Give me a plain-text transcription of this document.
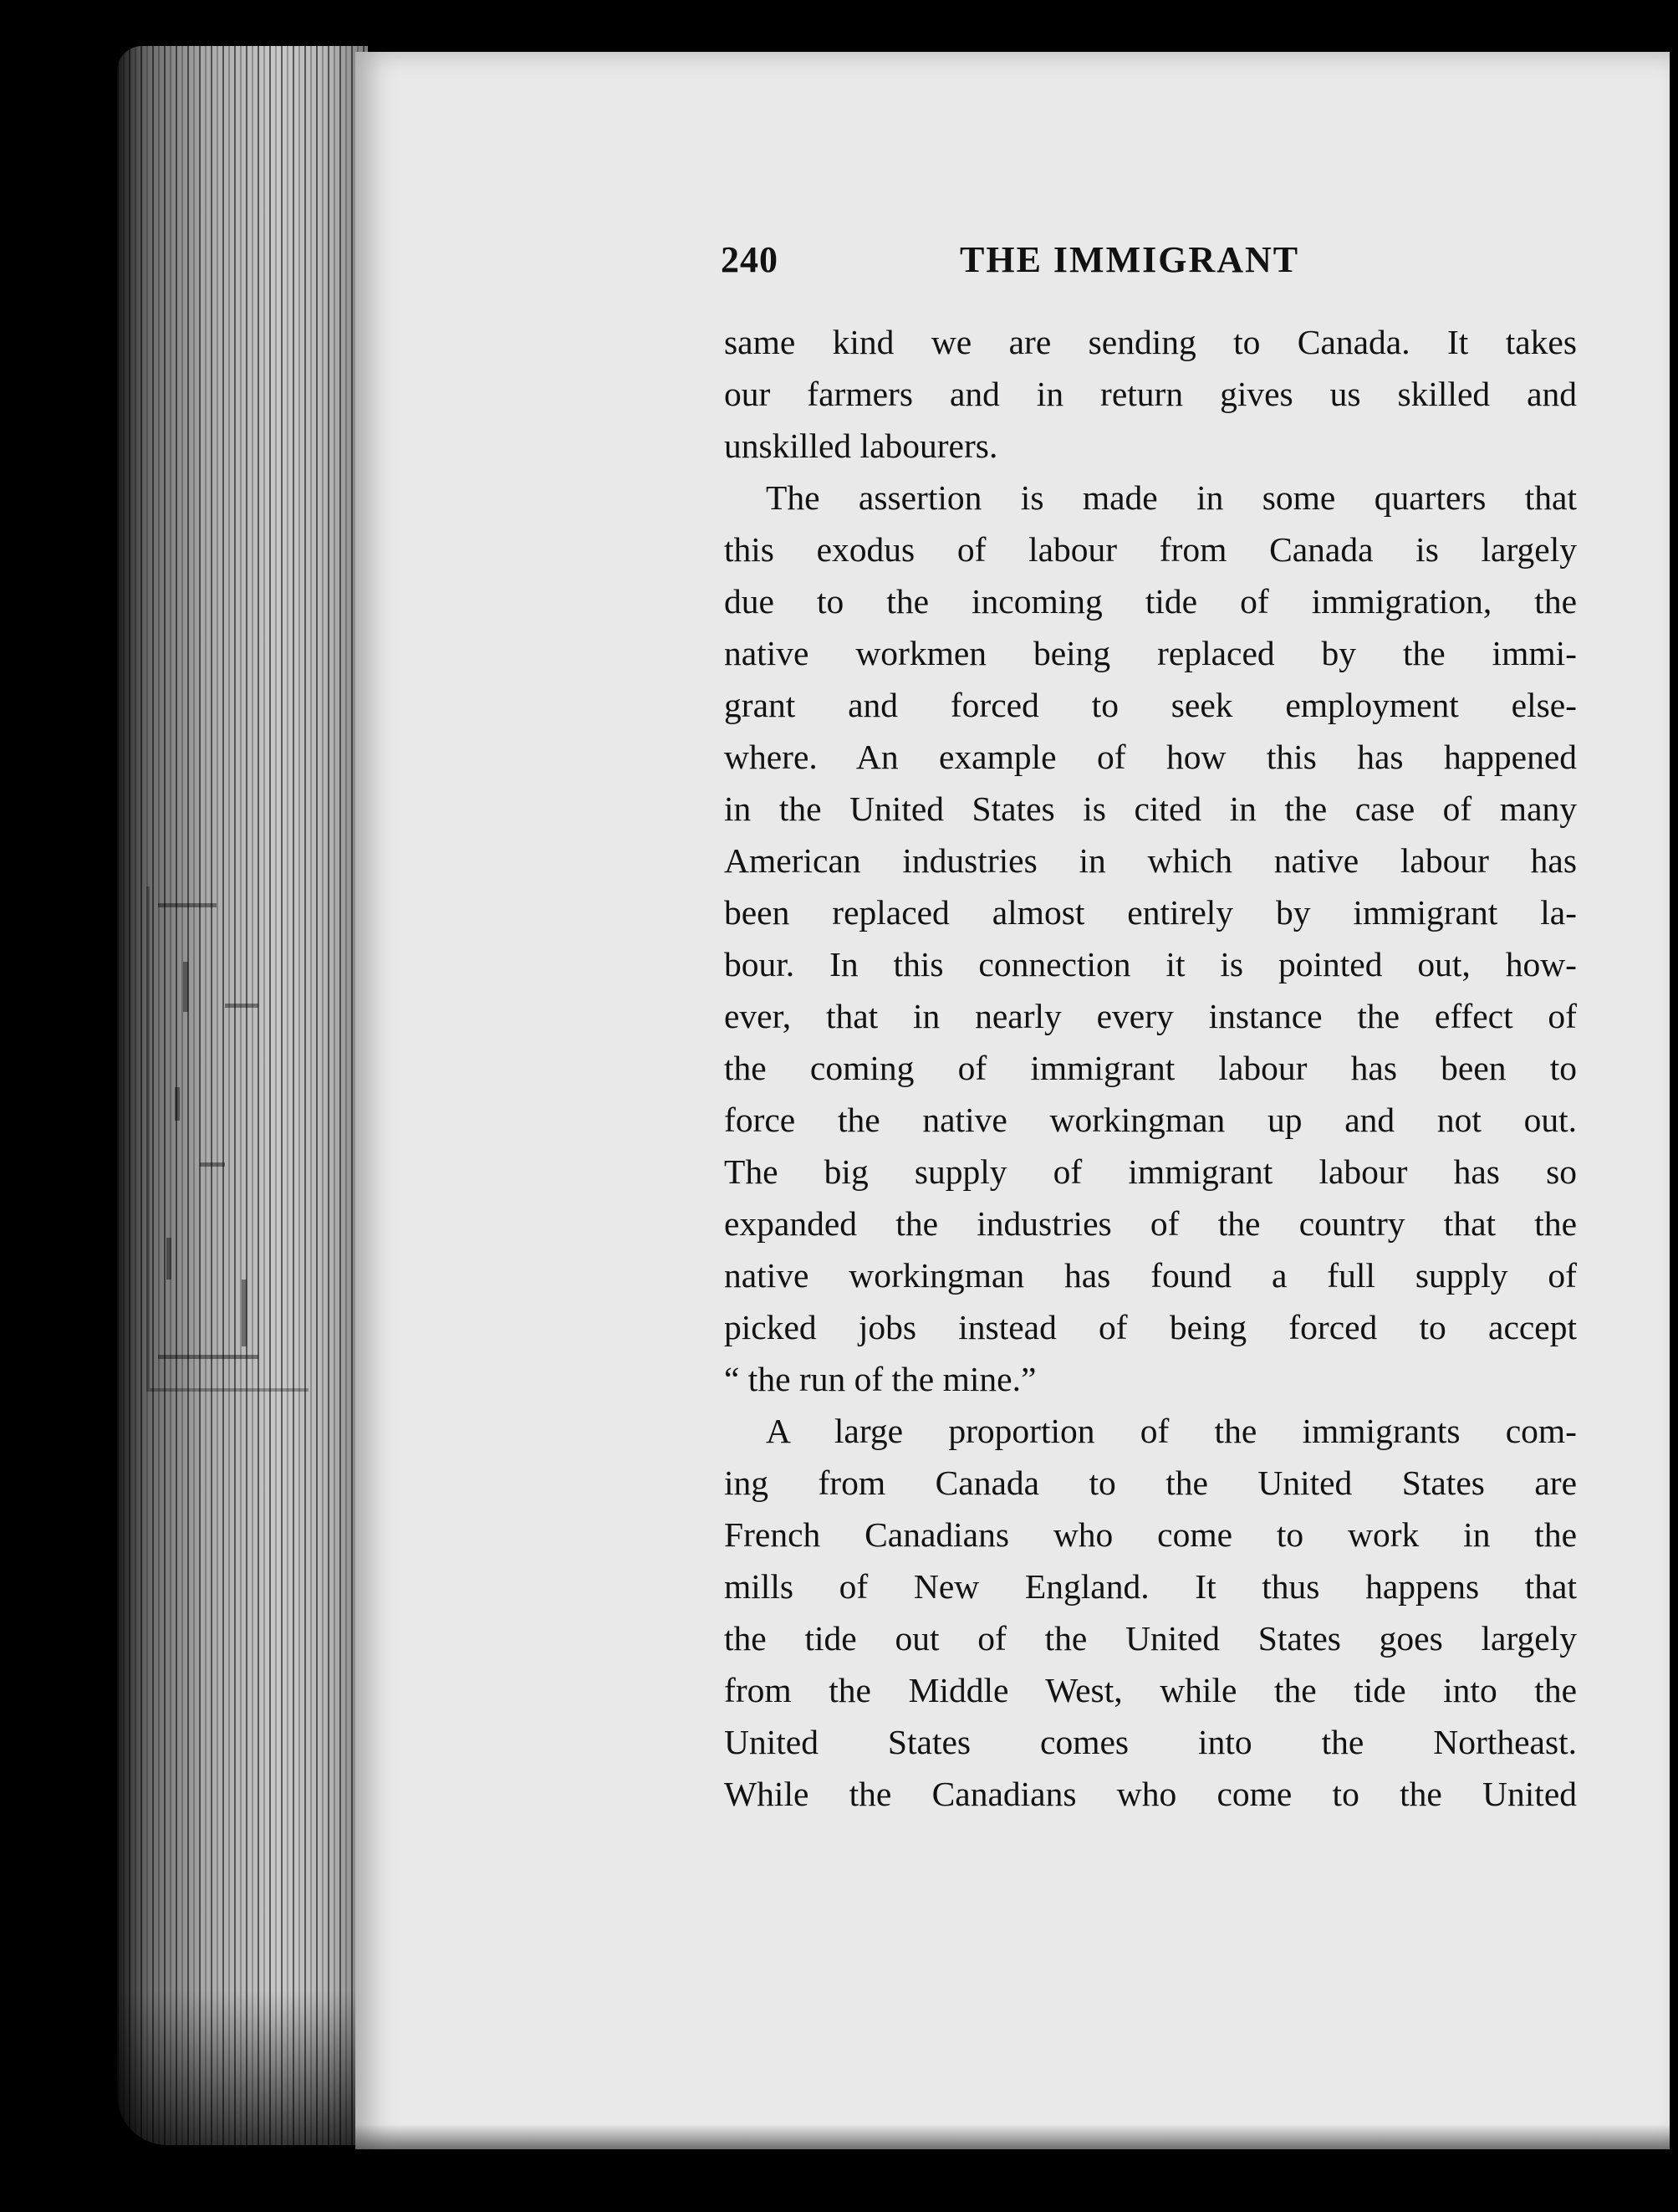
240	THE IMMIGRANT
same kind we are sending to Canada. It takes
our farmers and in return gives us skilled and
unskilled labourers.
The assertion is made in some quarters that
this exodus of labour from Canada is largely
due to the incoming tide of immigration, the
native workmen being replaced by the immi-
grant and forced to seek employment else-
where. An example of how this has happened
in the United States is cited in the case of many
American industries in which native labour has
been replaced almost entirely by immigrant la-
bour. In this connection it is pointed out, how-
ever, that in nearly every instance the effect of
the coming of immigrant labour has been to
force the native workingman up and not out.
The big supply of immigrant labour has so
expanded the industries of the country that the
native workingman has found a full supply of
picked jobs instead of being forced to accept
“ the run of the mine.”
A large proportion of the immigrants com-
ing from Canada to the United States are
French Canadians who come to work in the
mills of New England. It thus happens that
the tide out of the United States goes largely
from the Middle West, while the tide into the
United States comes into the Northeast.
While the Canadians who come to the United
